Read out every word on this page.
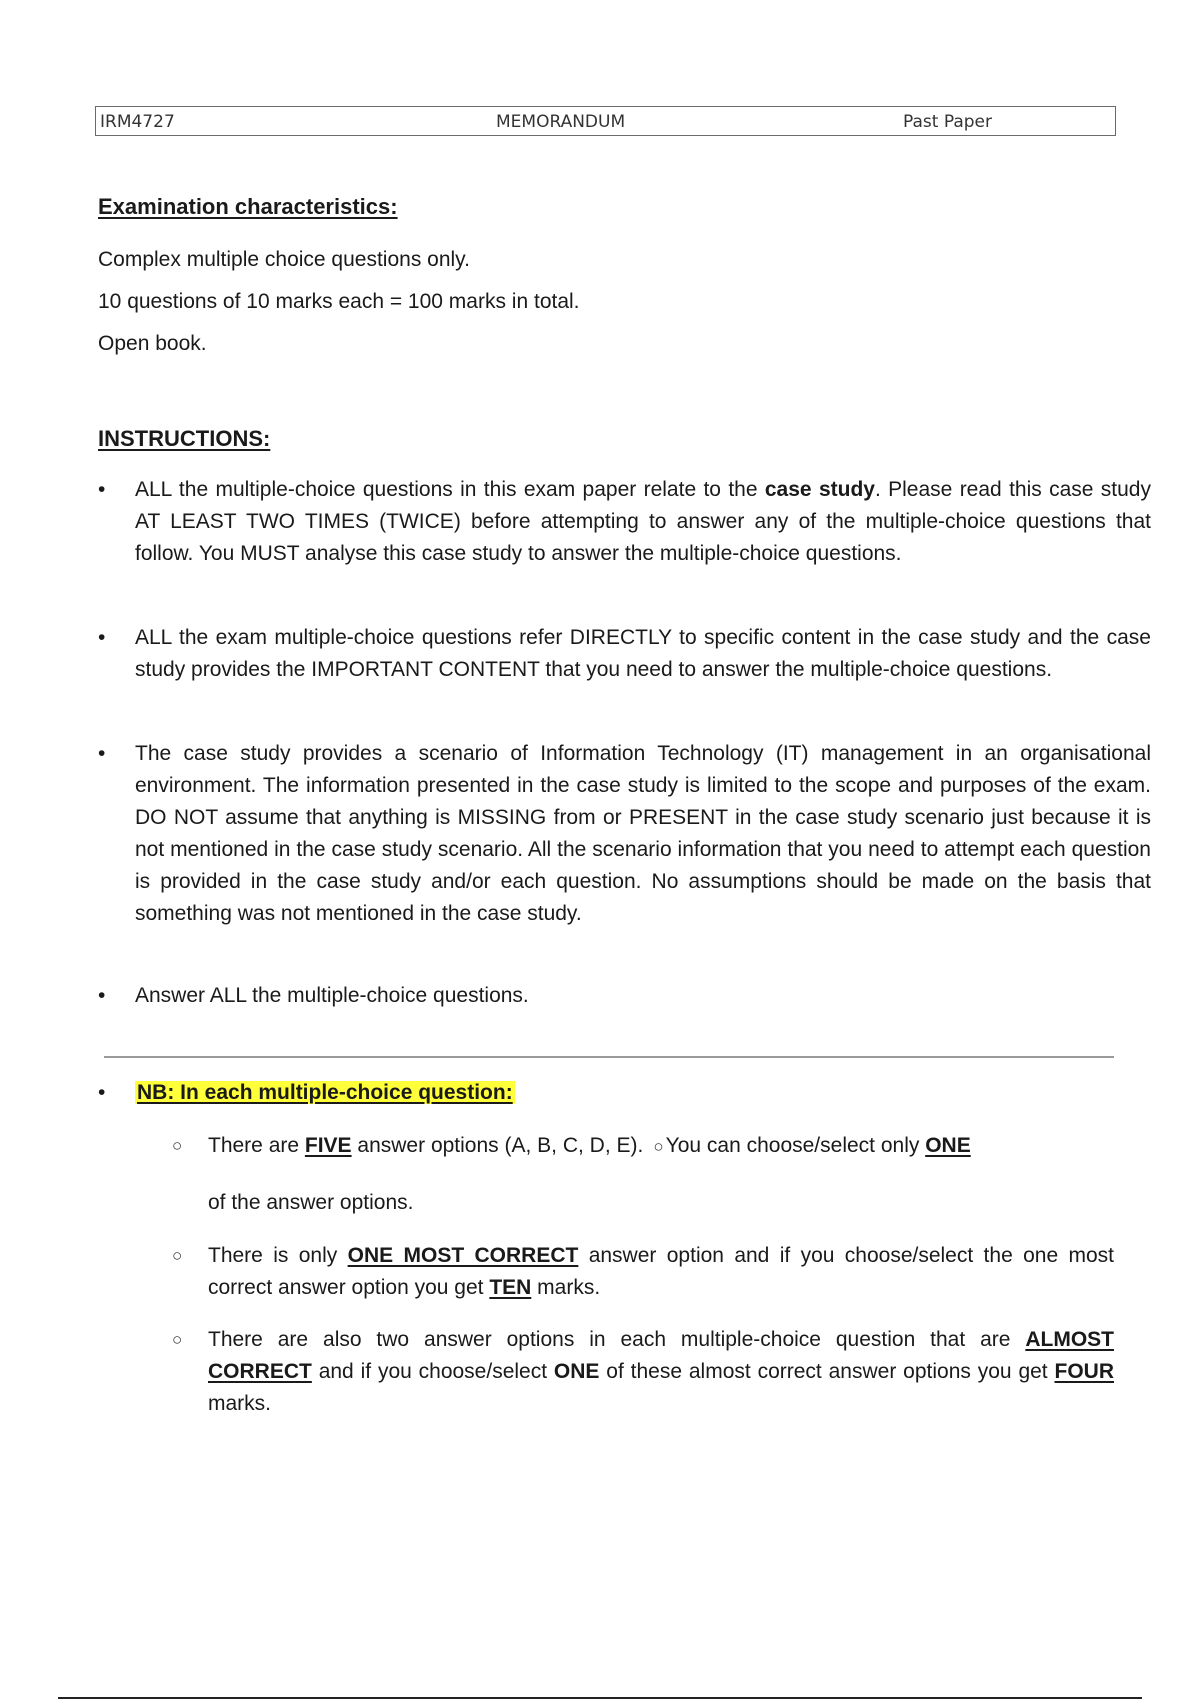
IRM4727	MEMORANDUM	Past Paper
Examination characteristics:
Complex multiple choice questions only.
10 questions of 10 marks each = 100 marks in total.
Open book.
INSTRUCTIONS:
• ALL the multiple-choice questions in this exam paper relate to the case study. Please read this case study AT LEAST TWO TIMES (TWICE) before attempting to answer any of the multiple-choice questions that follow. You MUST analyse this case study to answer the multiple-choice questions.
• ALL the exam multiple-choice questions refer DIRECTLY to specific content in the case study and the case study provides the IMPORTANT CONTENT that you need to answer the multiple-choice questions.
• The case study provides a scenario of Information Technology (IT) management in an organisational environment. The information presented in the case study is limited to the scope and purposes of the exam. DO NOT assume that anything is MISSING from or PRESENT in the case study scenario just because it is not mentioned in the case study scenario. All the scenario information that you need to attempt each question is provided in the case study and/or each question. No assumptions should be made on the basis that something was not mentioned in the case study.
• Answer ALL the multiple-choice questions.
• NB: In each multiple-choice question:
○ There are FIVE answer options (A, B, C, D, E). ○You can choose/select only ONE
of the answer options.
○ There is only ONE MOST CORRECT answer option and if you choose/select the one most correct answer option you get TEN marks.
○ There are also two answer options in each multiple-choice question that are ALMOST CORRECT and if you choose/select ONE of these almost correct answer options you get FOUR marks.
